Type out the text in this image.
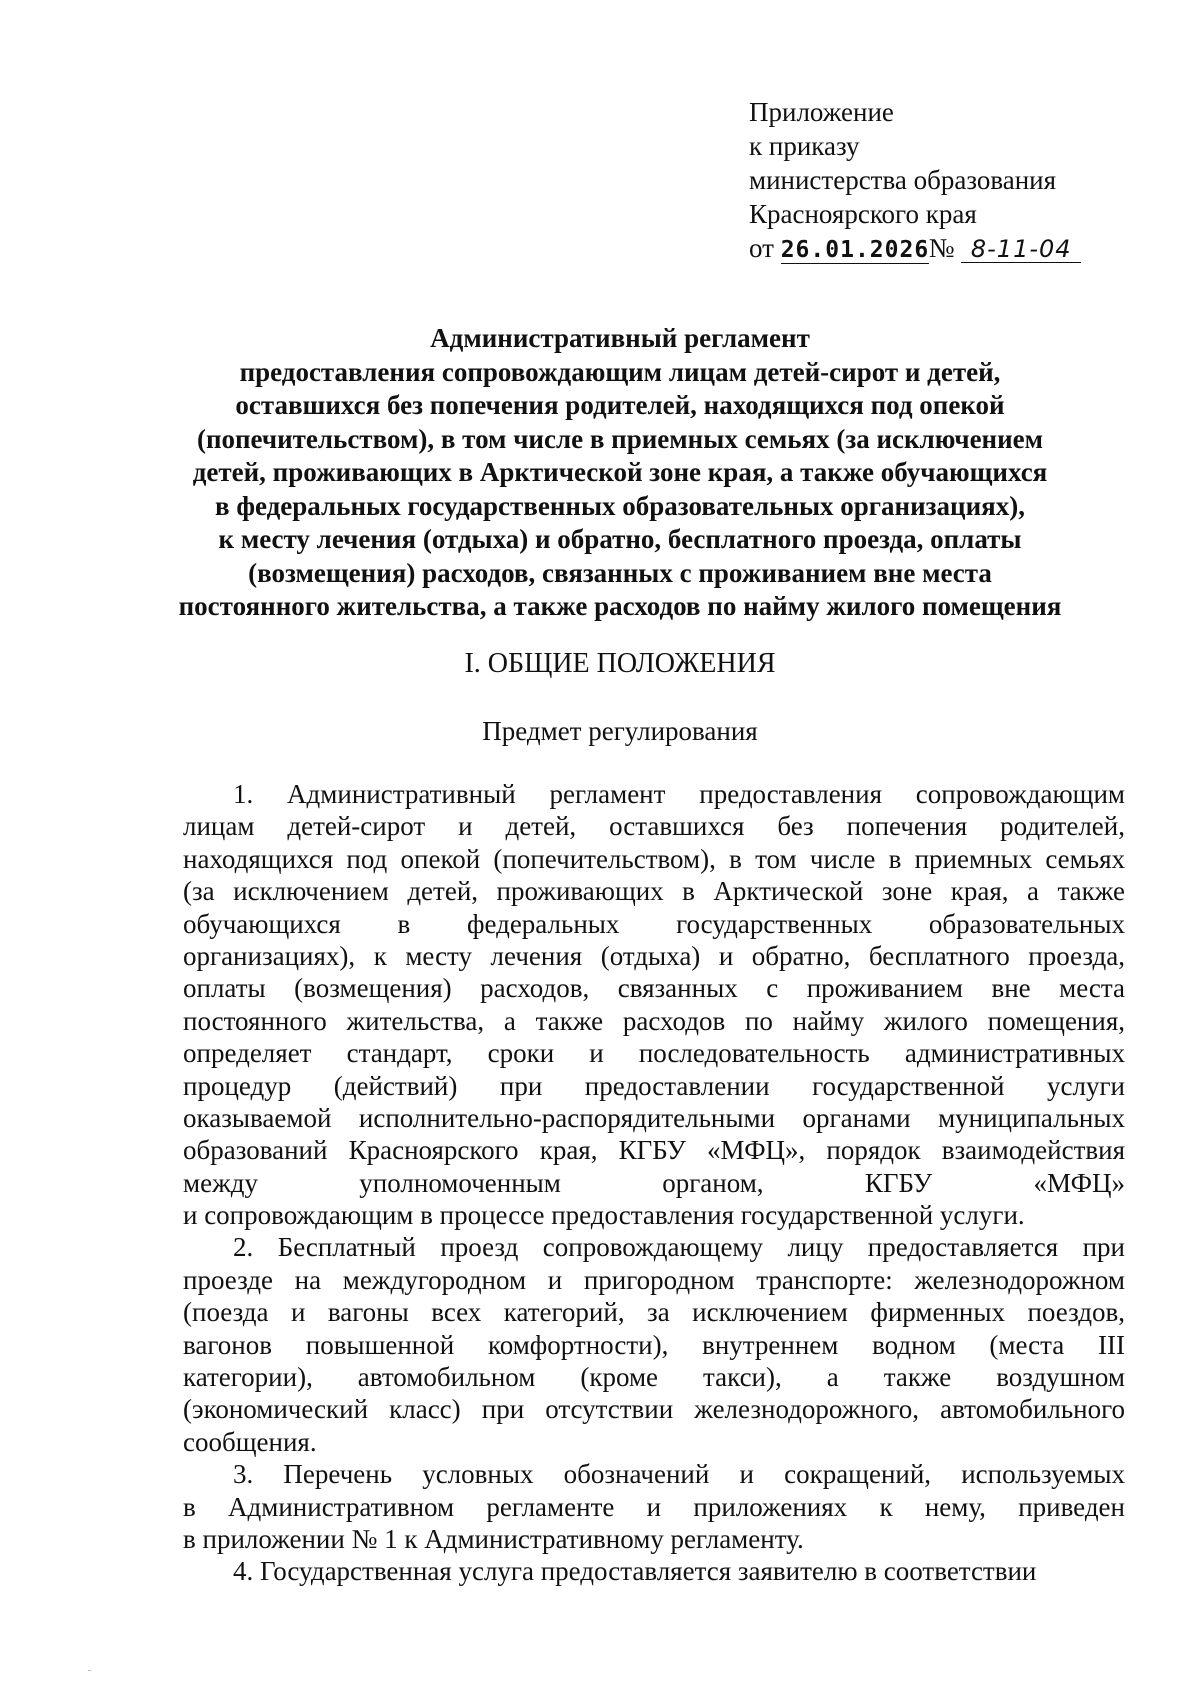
Приложение
к приказу
министерства образования
Красноярского края
от 26.01.2026№ 8-11-04
Административный регламент
предоставления сопровождающим лицам детей-сирот и детей,
оставшихся без попечения родителей, находящихся под опекой
(попечительством), в том числе в приемных семьях (за исключением
детей, проживающих в Арктической зоне края, а также обучающихся
в федеральных государственных образовательных организациях),
к месту лечения (отдыха) и обратно, бесплатного проезда, оплаты
(возмещения) расходов, связанных с проживанием вне места
постоянного жительства, а также расходов по найму жилого помещения
I. ОБЩИЕ ПОЛОЖЕНИЯ
Предмет регулирования
1. Административный регламент предоставления сопровождающим
лицам детей-сирот и детей, оставшихся без попечения родителей,
находящихся под опекой (попечительством), в том числе в приемных семьях
(за исключением детей, проживающих в Арктической зоне края, а также
обучающихся в федеральных государственных образовательных
организациях), к месту лечения (отдыха) и обратно, бесплатного проезда,
оплаты (возмещения) расходов, связанных с проживанием вне места
постоянного жительства, а также расходов по найму жилого помещения,
определяет стандарт, сроки и последовательность административных
процедур (действий) при предоставлении государственной услуги
оказываемой исполнительно-распорядительными органами муниципальных
образований Красноярского края, КГБУ «МФЦ», порядок взаимодействия
между уполномоченным органом, КГБУ «МФЦ»
и сопровождающим в процессе предоставления государственной услуги.
2. Бесплатный проезд сопровождающему лицу предоставляется при
проезде на междугородном и пригородном транспорте: железнодорожном
(поезда и вагоны всех категорий, за исключением фирменных поездов,
вагонов повышенной комфортности), внутреннем водном (места III
категории), автомобильном (кроме такси), а также воздушном
(экономический класс) при отсутствии железнодорожного, автомобильного
сообщения.
3. Перечень условных обозначений и сокращений, используемых
в Административном регламенте и приложениях к нему, приведен
в приложении № 1 к Административному регламенту.
4. Государственная услуга предоставляется заявителю в соответствии
